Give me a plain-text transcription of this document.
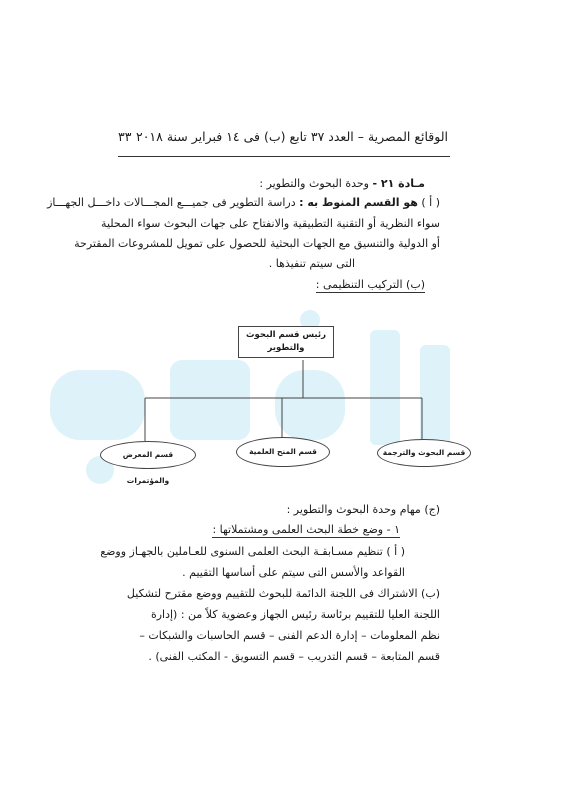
الوقائع المصرية – العدد ٣٧ تابع (ب) فى ١٤ فبراير سنة ٢٠١٨
٣٣
مـادة ٢١ - وحدة البحوث والتطوير :
( أ ) هو القسم المنوط به : دراسة التطوير فى جميـــع المجـــالات داخـــل الجهـــاز
سواء النظرية أو التقنية التطبيقية والانفتاح على جهات البحوث سواء المحلية
أو الدولية والتنسيق مع الجهات البحثية للحصول على تمويل للمشروعات المقترحة
التى سيتم تنفيذها .
(ب) التركيب التنظيمى :
رئيس قسم البحوث
والتطوير
قسم البحوث والترجمة
قسم المنح العلمية
قسم المعرض والمؤتمرات
(ج) مهام وحدة البحوث والتطوير :
١ - وضع خطة البحث العلمى ومشتملاتها :
( أ ) تنظيم مسـابقـة البحث العلمى السنوى للعـاملين بالجهـاز ووضع
القواعد والأسس التى سيتم على أساسها التقييم .
(ب) الاشتراك فى اللجنة الدائمة للبحوث للتقييم ووضع مقترح لتشكيل
اللجنة العليا للتقييم برئاسة رئيس الجهاز وعضوية كلاً من : (إدارة
نظم المعلومات – إدارة الدعم الفنى – قسم الحاسبات والشبكات –
قسم المتابعة – قسم التدريب – قسم التسويق - المكتب الفنى) .
